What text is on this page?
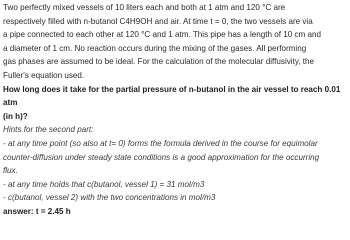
Two perfectly mixed vessels of 10 liters each and both at 1 atm and 120 °C are

respectively filled with n-butanol C4H9OH and air. At time t = 0, the two vessels are via

a pipe connected to each other at 120 °C and 1 atm. This pipe has a length of 10 cm and

a diameter of 1 cm. No reaction occurs during the mixing of the gases. All performing

gas phases are assumed to be ideal. For the calculation of the molecular diffusivity, the

Fuller's equation used.

How long does it take for the partial pressure of n-butanol in the air vessel to reach 0.01 atm

(in h)?

Hints for the second part:

- at any time point (so also at t= 0) forms the formula derived in the course for equimolar

counter-diffusion under steady state conditions is a good approximation for the occurring

flux.

- at any time holds that c(butanol, vessel 1) = 31 mol/m3

- c(butanol, vessel 2) with the two concentrations in mol/m3

answer: t = 2.45 h
